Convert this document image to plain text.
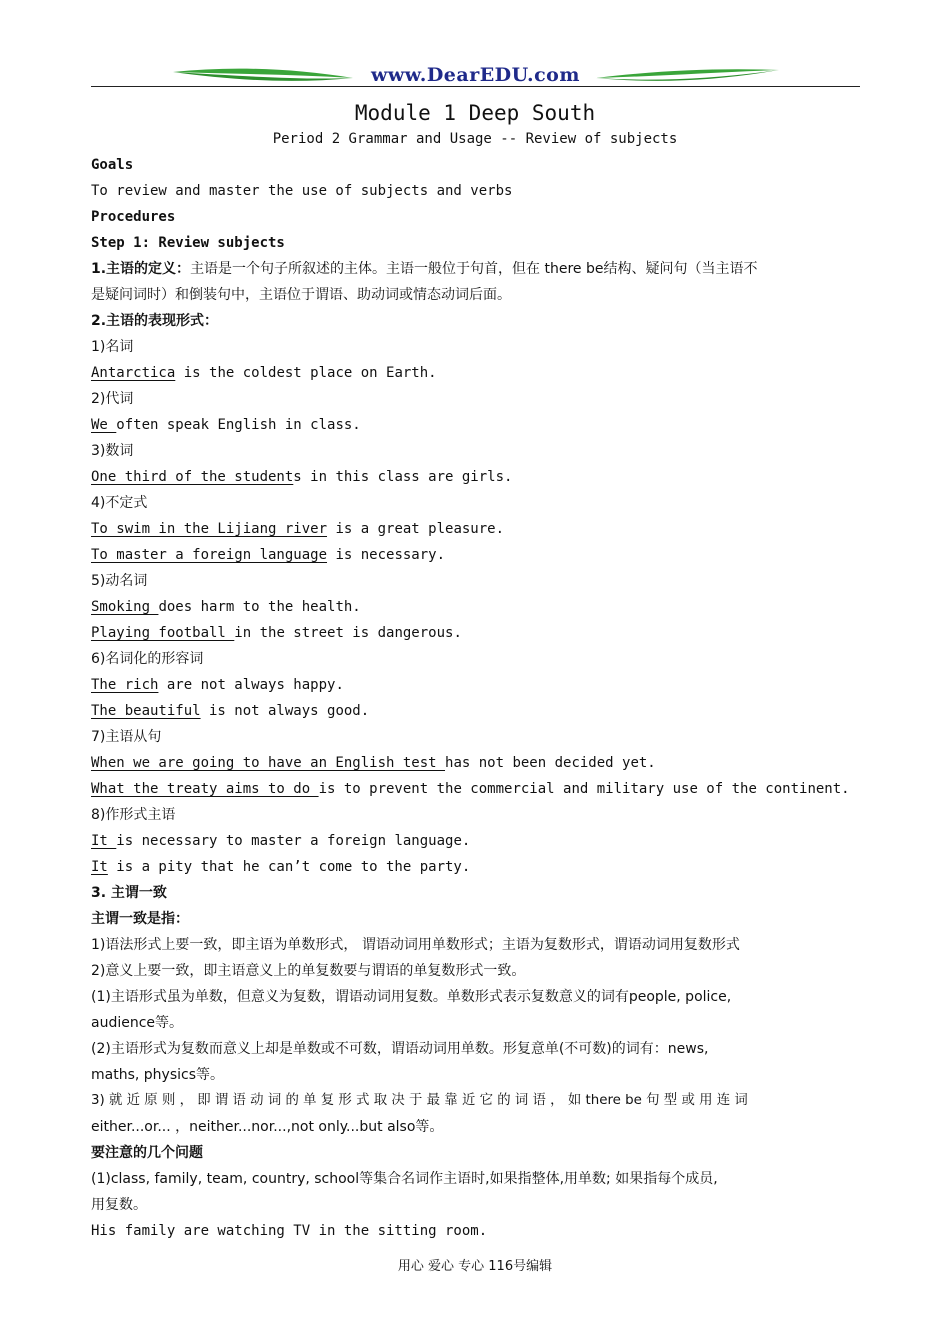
www.DearEDU.com
Module 1 Deep South
Period 2 Grammar and Usage -- Review of subjects
Goals
To review and master the use of subjects and verbs
Procedures
Step 1: Review subjects
1.主语的定义：主语是一个句子所叙述的主体。主语一般位于句首，但在 there be结构、疑问句（当主语不
是疑问词时）和倒装句中，主语位于谓语、助动词或情态动词后面。
2.主语的表现形式：
1)名词
Antarctica is the coldest place on Earth.
2)代词
We often speak English in class.
3)数词
One third of the students in this class are girls.
4)不定式
To swim in the Lijiang river is a great pleasure.
To master a foreign language is necessary.
5)动名词
Smoking does harm to the health.
Playing football in the street is dangerous.
6)名词化的形容词
The rich are not always happy.
The beautiful is not always good.
7)主语从句
When we are going to have an English test has not been decided yet.
What the treaty aims to do is to prevent the commercial and military use of the continent.
8)作形式主语
It is necessary to master a foreign language.
It is a pity that he can’t come to the party.
3. 主谓一致
主谓一致是指：
1)语法形式上要一致，即主语为单数形式， 谓语动词用单数形式；主语为复数形式，谓语动词用复数形式
2)意义上要一致，即主语意义上的单复数要与谓语的单复数形式一致。
(1)主语形式虽为单数，但意义为复数，谓语动词用复数。单数形式表示复数意义的词有people, police,
audience等。
(2)主语形式为复数而意义上却是单数或不可数，谓语动词用单数。形复意单(不可数)的词有：news,
maths, physics等。
3) 就 近 原 则 ， 即 谓 语 动 词 的 单 复 形 式 取 决 于 最 靠 近 它 的 词 语 ， 如 there be 句 型 或 用 连 词
either...or... ，neither...nor...,not only...but also等。
要注意的几个问题
(1)class, family, team, country, school等集合名词作主语时,如果指整体,用单数; 如果指每个成员,
用复数。
His family are watching TV in the sitting room.
用心 爱心 专心 116号编辑
